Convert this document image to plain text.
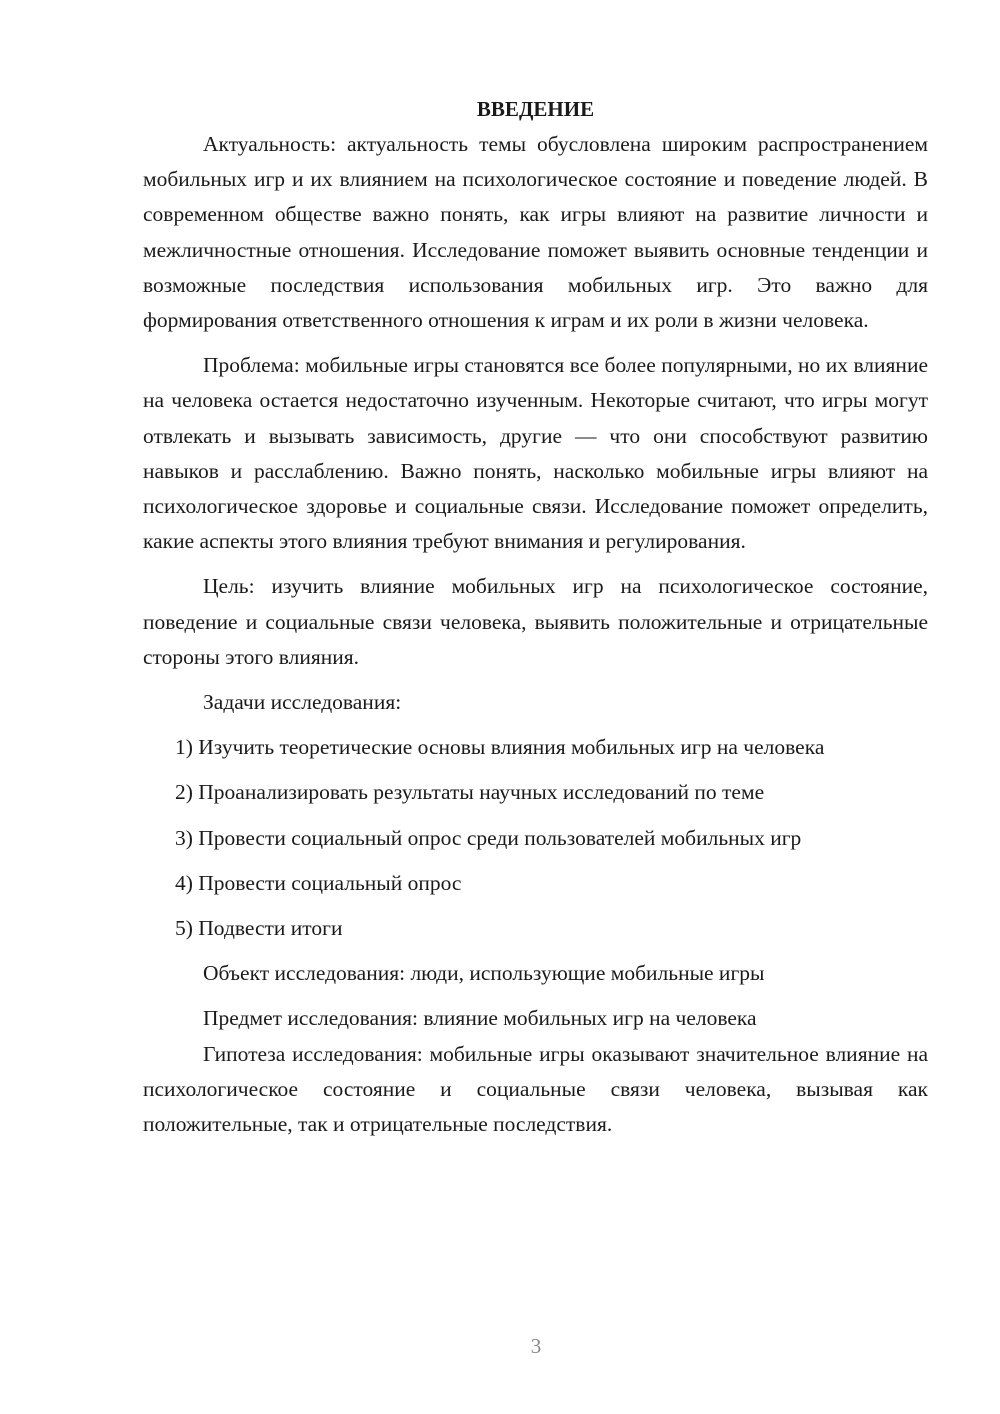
ВВЕДЕНИЕ

Актуальность: актуальность темы обусловлена широким распространением мобильных игр и их влиянием на психологическое состояние и поведение людей. В современном обществе важно понять, как игры влияют на развитие личности и межличностные отношения. Исследование поможет выявить основные тенденции и возможные последствия использования мобильных игр. Это важно для формирования ответственного отношения к играм и их роли в жизни человека.

Проблема: мобильные игры становятся все более популярными, но их влияние на человека остается недостаточно изученным. Некоторые считают, что игры могут отвлекать и вызывать зависимость, другие — что они способствуют развитию навыков и расслаблению. Важно понять, насколько мобильные игры влияют на психологическое здоровье и социальные связи. Исследование поможет определить, какие аспекты этого влияния требуют внимания и регулирования.

Цель: изучить влияние мобильных игр на психологическое состояние, поведение и социальные связи человека, выявить положительные и отрицательные стороны этого влияния.

Задачи исследования:

1) Изучить теоретические основы влияния мобильных игр на человека

2) Проанализировать результаты научных исследований по теме

3) Провести социальный опрос среди пользователей мобильных игр

4) Провести социальный опрос

5) Подвести итоги

Объект исследования: люди, использующие мобильные игры

Предмет исследования: влияние мобильных игр на человека

Гипотеза исследования: мобильные игры оказывают значительное влияние на психологическое состояние и социальные связи человека, вызывая как положительные, так и отрицательные последствия.

3
